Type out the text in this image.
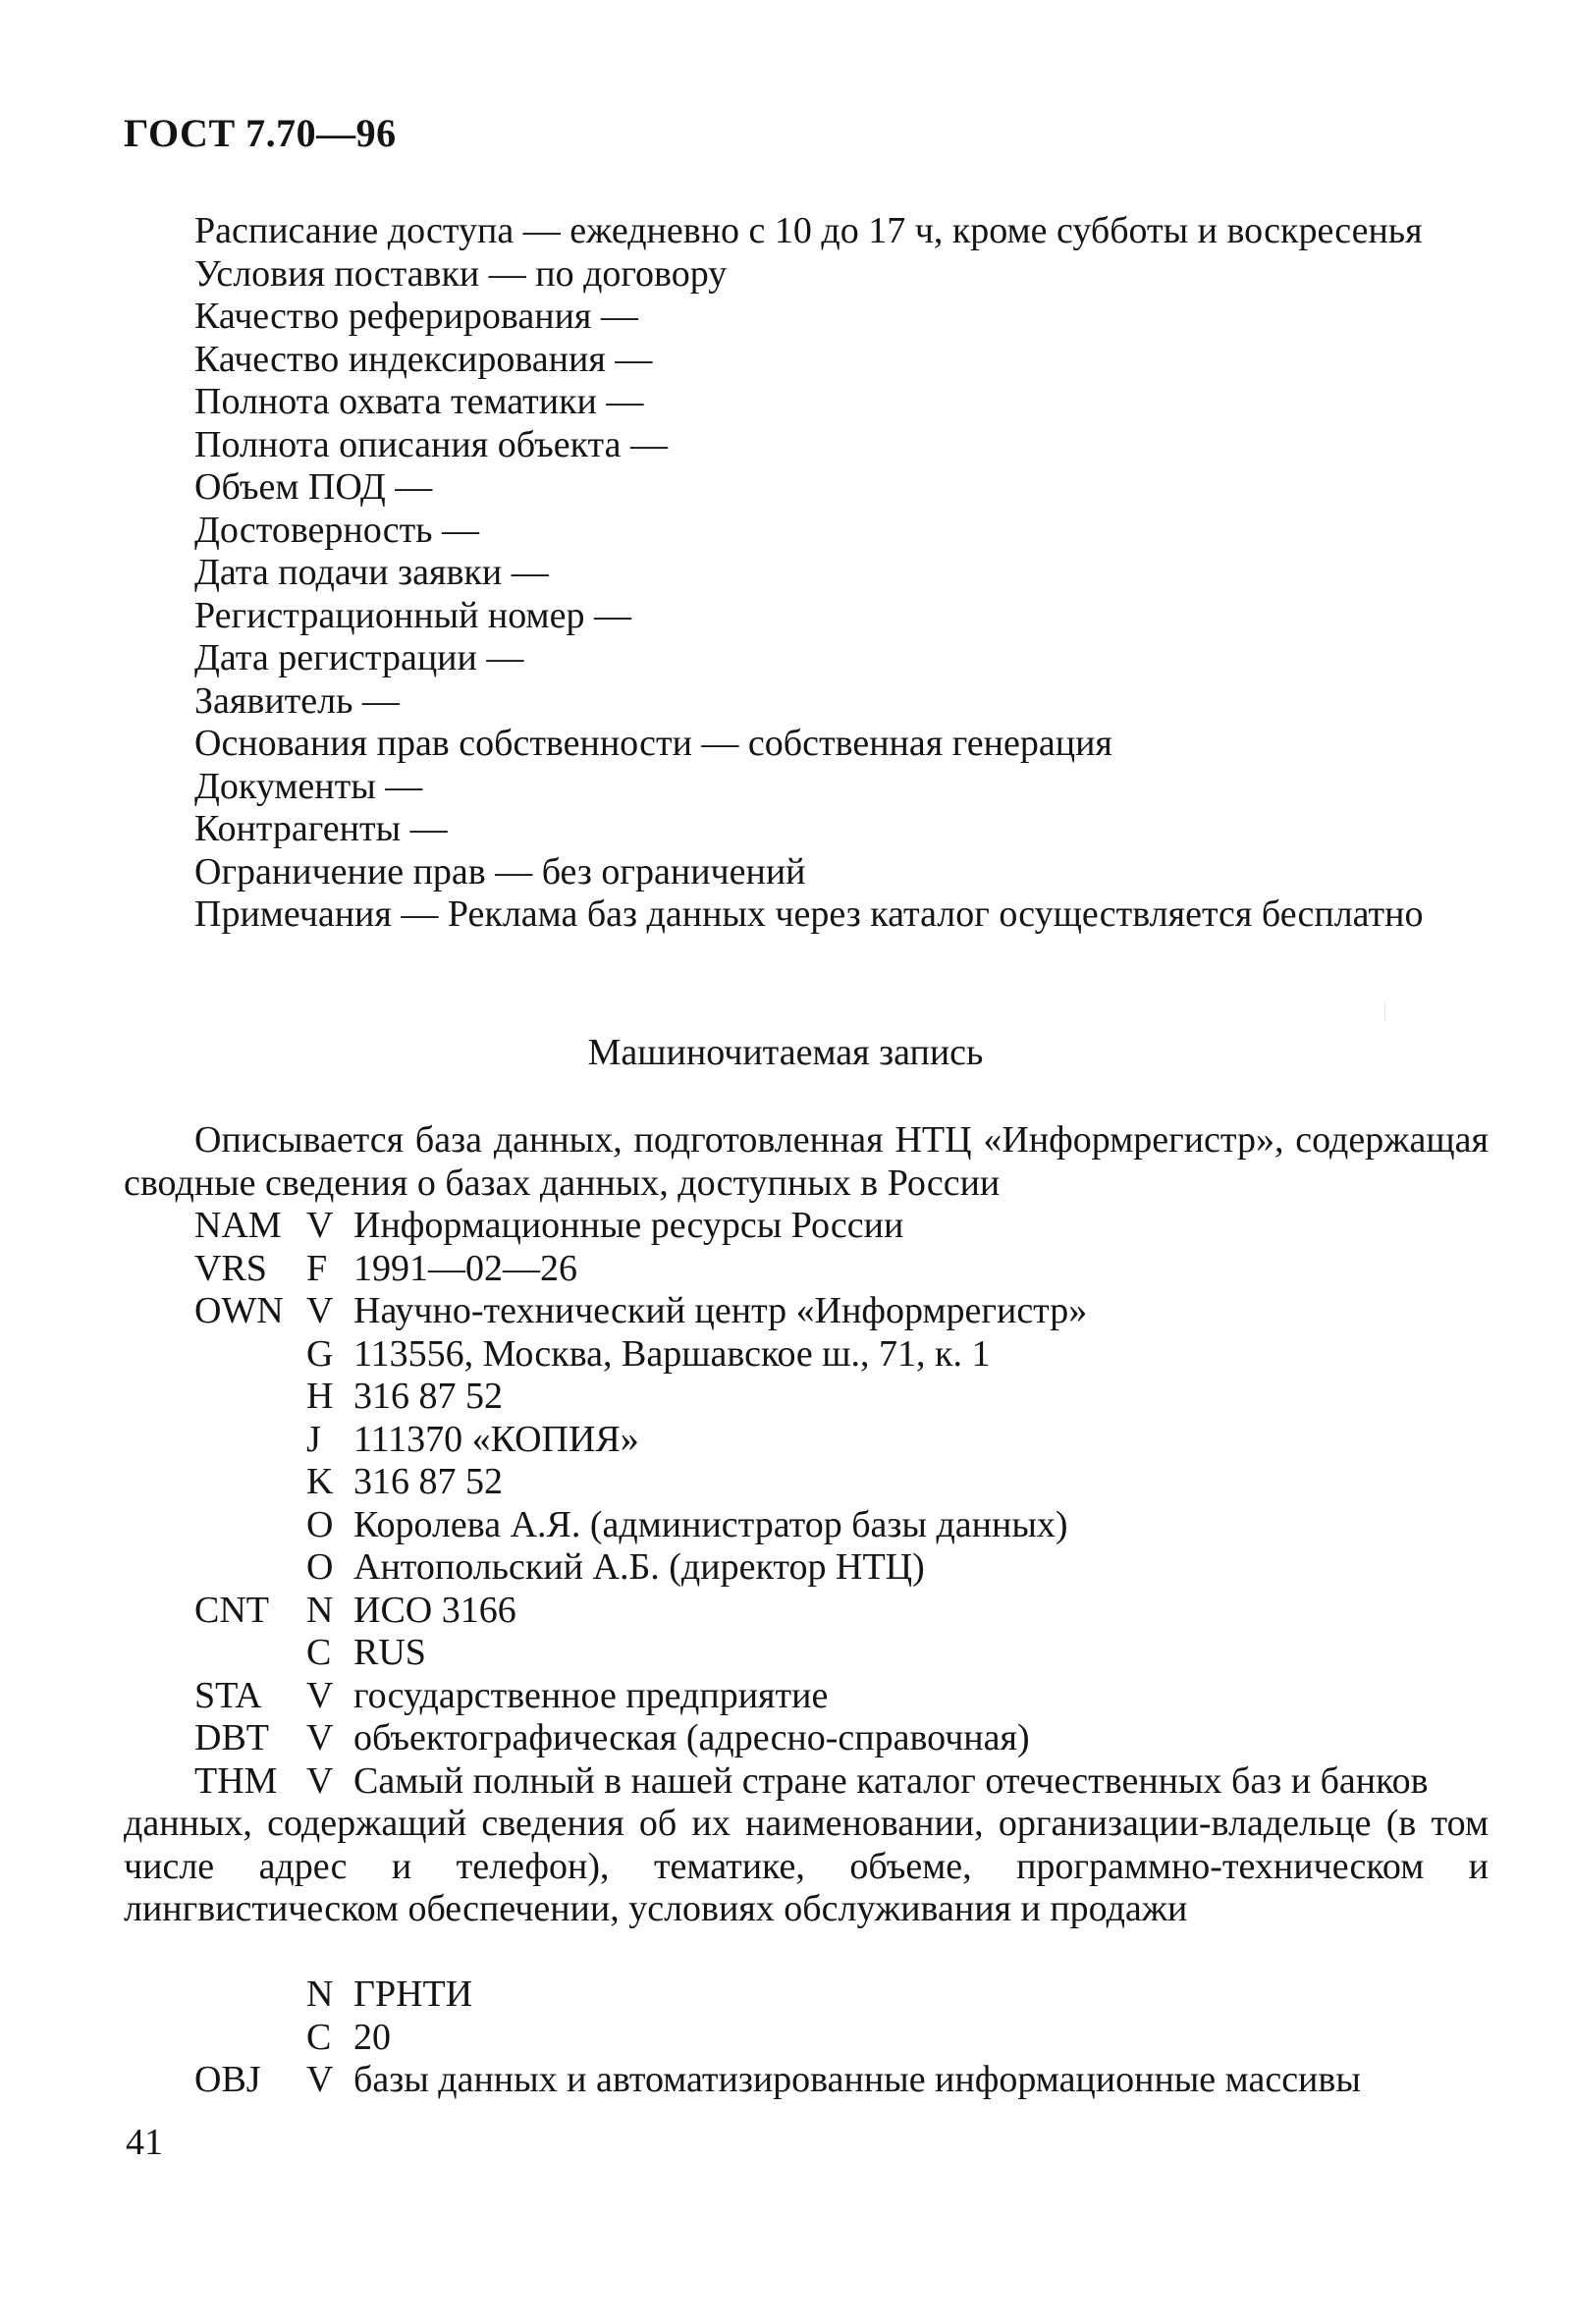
ГОСТ 7.70—96
Расписание доступа — ежедневно с 10 до 17 ч, кроме субботы и воскресенья
Условия поставки — по договору
Качество реферирования —
Качество индексирования —
Полнота охвата тематики —
Полнота описания объекта —
Объем ПОД —
Достоверность —
Дата подачи заявки —
Регистрационный номер —
Дата регистрации —
Заявитель —
Основания прав собственности — собственная генерация
Документы —
Контрагенты —
Ограничение прав — без ограничений
Примечания — Реклама баз данных через каталог осуществляется бесплатно
Машиночитаемая запись
Описывается база данных, подготовленная НТЦ «Информрегистр», содержащая сводные сведения о базах данных, доступных в России
NAM V Информационные ресурсы России
VRS	F 1991—02—26
OWN V Научно-технический центр «Информрегистр»
G 113556, Москва, Варшавское ш., 71, к. 1
H 316 87 52
J 111370 «КОПИЯ»
K 316 87 52
O Королева А.Я. (администратор базы данных)
O Антопольский А.Б. (директор НТЦ)
CNT	N ИСО 3166
C RUS
STA	V государственное предприятие
DBT	V объектографическая (адресно-справочная)
THM V Самый полный в нашей стране каталог отечественных баз и банков
данных, содержащий сведения об их наименовании, организации-владельце (в том числе адрес и телефон), тематике, объеме, программно-техническом и лингвистическом обеспечении, условиях обслуживания и продажи
N ГРНТИ
C 20
OBJ	V базы данных и автоматизированные информационные массивы
41
